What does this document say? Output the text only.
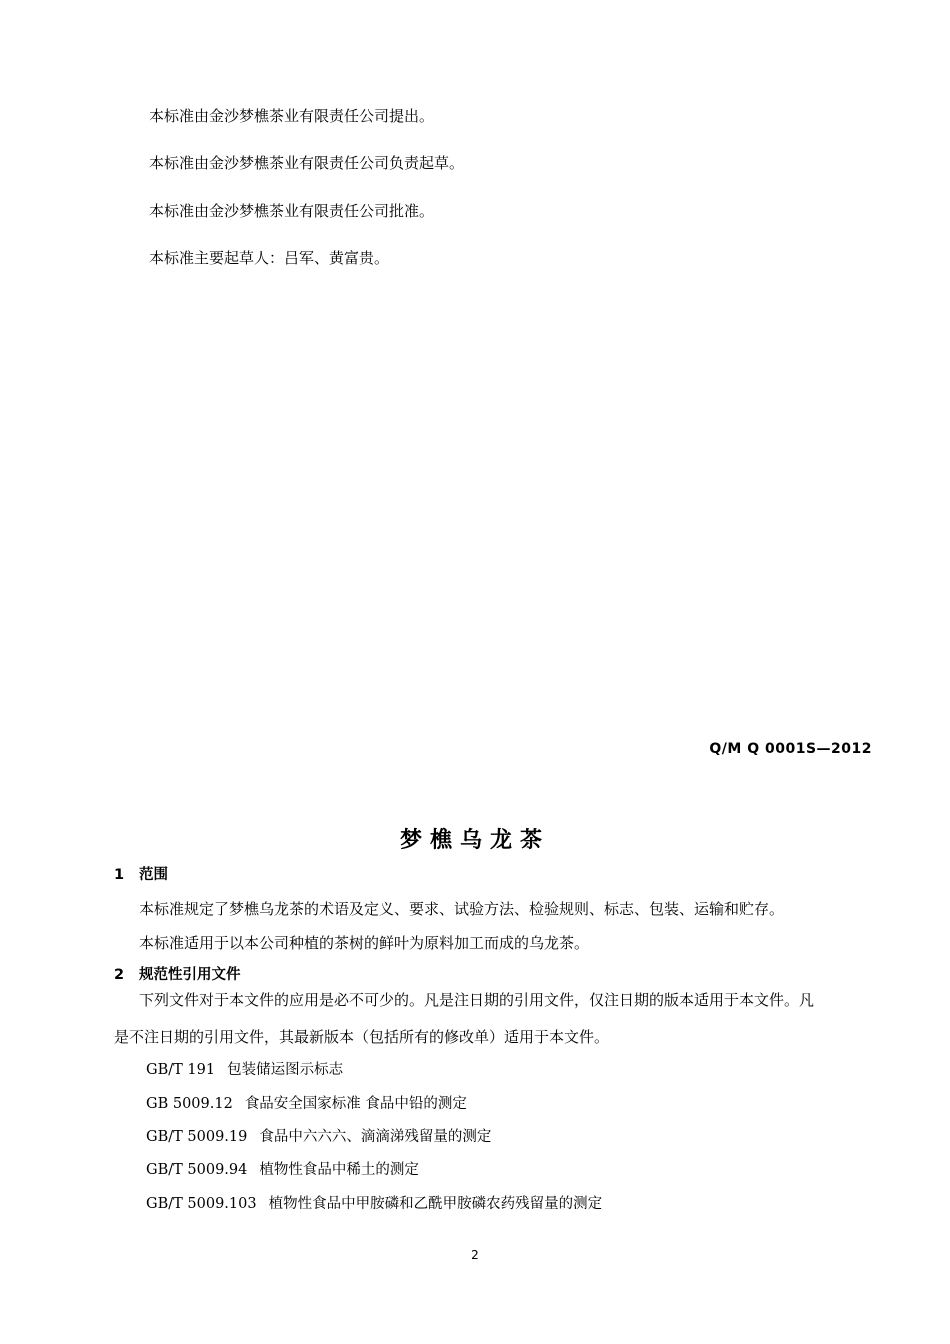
本标准由金沙梦樵茶业有限责任公司提出。
本标准由金沙梦樵茶业有限责任公司负责起草。
本标准由金沙梦樵茶业有限责任公司批准。
本标准主要起草人：吕军、黄富贵。
Q/M Q 0001S—2012
梦樵乌龙茶
1 范围
本标准规定了梦樵乌龙茶的术语及定义、要求、试验方法、检验规则、标志、包装、运输和贮存。
本标准适用于以本公司种植的茶树的鲜叶为原料加工而成的乌龙茶。
2 规范性引用文件
下列文件对于本文件的应用是必不可少的。凡是注日期的引用文件，仅注日期的版本适用于本文件。凡
是不注日期的引用文件，其最新版本（包括所有的修改单）适用于本文件。
GB/T 191 包装储运图示标志
GB 5009.12 食品安全国家标准 食品中铅的测定
GB/T 5009.19 食品中六六六、滴滴涕残留量的测定
GB/T 5009.94 植物性食品中稀土的测定
GB/T 5009.103 植物性食品中甲胺磷和乙酰甲胺磷农药残留量的测定
2
